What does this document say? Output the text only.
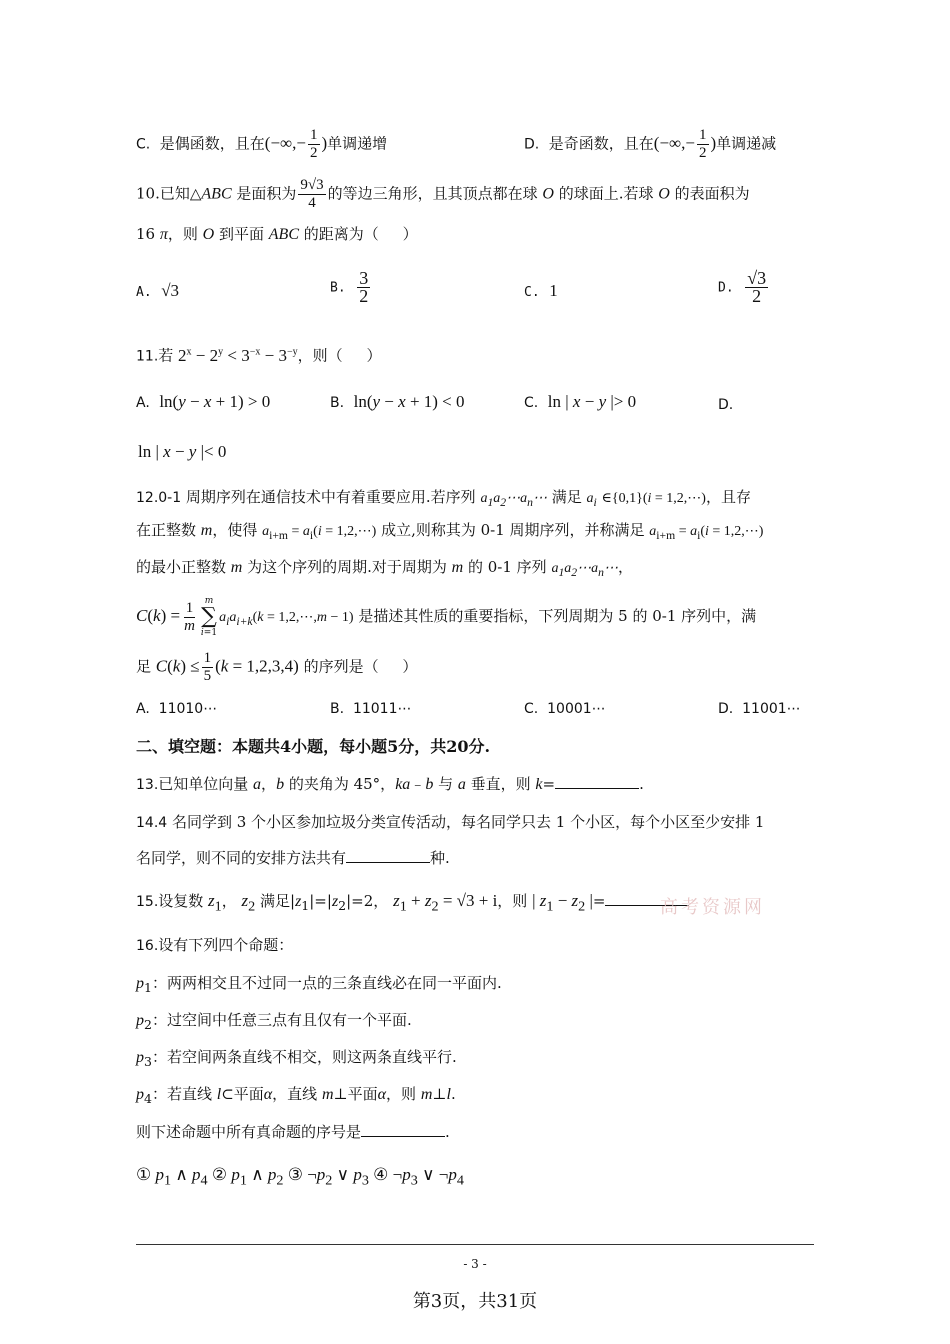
C.  是偶函数，且在(−∞,− $\frac{1}{2}$ )单调递增	D.  是奇函数，且在(−∞,− $\frac{1}{2}$ )单调递减
10.已知△ABC 是面积为 $\frac{9√3}{4}$ 的等边三角形，且其顶点都在球 O 的球面上.若球 O 的表面积为
16 π，则 O 到平面 ABC 的距离为（     ）
A. √3	B. $\frac{3}{2}$	C. 1	D. $\frac{√3}{2}$
11.若 $2^x - 2^y < 3^{-x} - 3^{-y}$，则（     ）
A. ln(y − x + 1) > 0	B. ln(y − x + 1) < 0	C. ln | x − y |> 0	D.
ln | x − y |< 0
12.0-1 周期序列在通信技术中有着重要应用.若序列 $a_1a_2\cdots a_n\cdots$ 满足 $a_i$ ∈{0,1}(i = 1,2,⋯)，且存
在正整数 m，使得 $a_{i+m} = a_i(i$ = 1,2,⋯) 成立,则称其为 0-1 周期序列，并称满足 $a_{i+m} = a_i(i$ = 1,2,⋯)
的最小正整数 m 为这个序列的周期.对于周期为 m 的 0-1 序列 $a_1a_2\cdots a_n\cdots$，
$C(k) = \frac{1}{m}$ m
∑
i=1
$a_ia_{i+k}(k$ = 1,2,⋯,m − 1) 是描述其性质的重要指标，下列周期为 5 的 0-1 序列中，满
足 $C(k) \le \frac{1}{5} (k = 1,2,3,4)$ 的序列是（     ）
A.  11010⋯	B.  11011⋯	C.  10001⋯	D.  11001⋯
二、填空题：本题共4小题，每小题5分，共20分.
13.已知单位向量 a，b 的夹角为 45°，ka﹣b 与 a 垂直，则 k=	.
14.4 名同学到 3 个小区参加垃圾分类宣传活动，每名同学只去 1 个小区，每个小区至少安排 1
名同学，则不同的安排方法共有	种.
15.设复数 $z_1$， $z_2$ 满足$|z_1|=|z_2|=2$， $z_1 + z_2 = √3 + i$，则 | $z_1 - z_2$ |=	高考资源网
16.设有下列四个命题：
$p_1$：两两相交且不过同一点的三条直线必在同一平面内.
$p_2$：过空间中任意三点有且仅有一个平面.
$p_3$：若空间两条直线不相交，则这两条直线平行.
$p_4$：若直线 l⊂平面α，直线 m⊥平面α，则 m⊥l.
则下述命题中所有真命题的序号是	.
① $p_1$ ∧ $p_4$ ② $p_1$ ∧ $p_2$ ③ $\neg p_2$ ∨ $p_3$ ④ $\neg p_3$ ∨ $\neg p_4$
- 3 -
第3页，共31页
